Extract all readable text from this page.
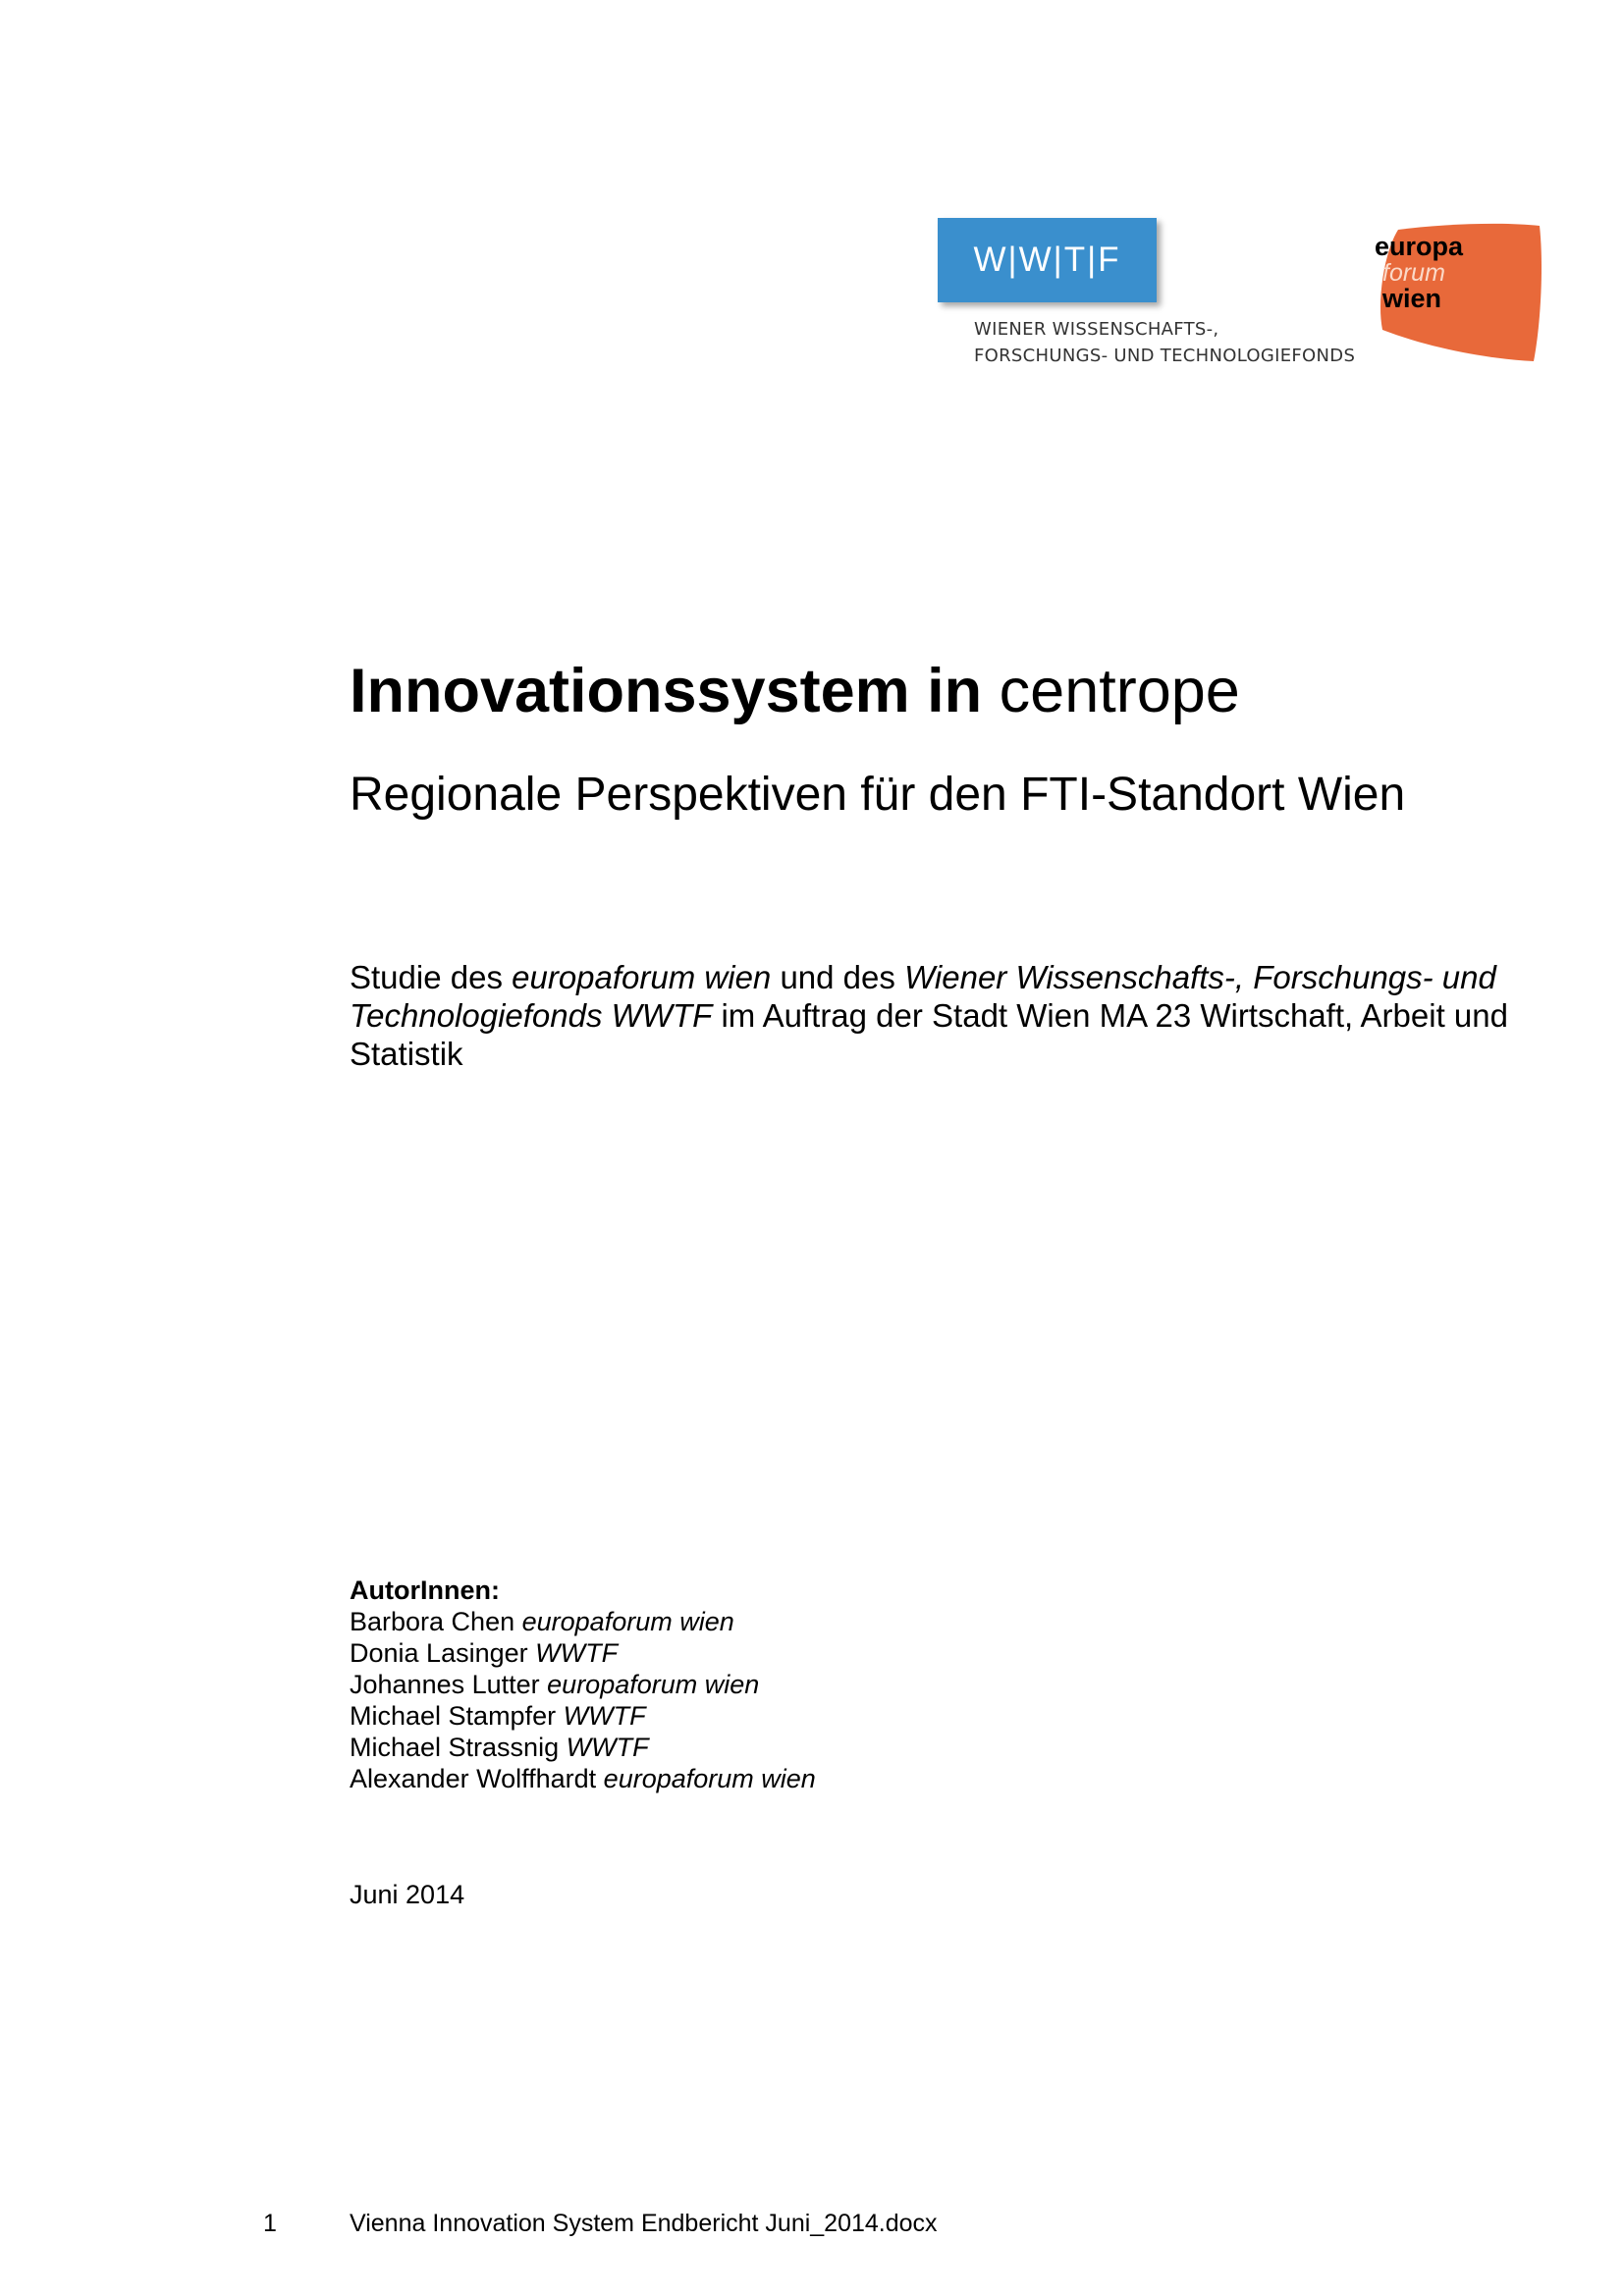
W|W|T|F
WIENER WISSENSCHAFTS-,
FORSCHUNGS- UND TECHNOLOGIEFONDS
europa
forum
wien
Innovationssystem in centrope
Regionale Perspektiven für den FTI-Standort Wien
Studie des europaforum wien und des Wiener Wissenschafts-, Forschungs- und Technologiefonds WWTF im Auftrag der Stadt Wien MA 23 Wirtschaft, Arbeit und Statistik
AutorInnen:
Barbora Chen europaforum wien
Donia Lasinger WWTF
Johannes Lutter europaforum wien
Michael Stampfer WWTF
Michael Strassnig WWTF
Alexander Wolffhardt europaforum wien
Juni 2014
1	Vienna Innovation System Endbericht Juni_2014.docx
